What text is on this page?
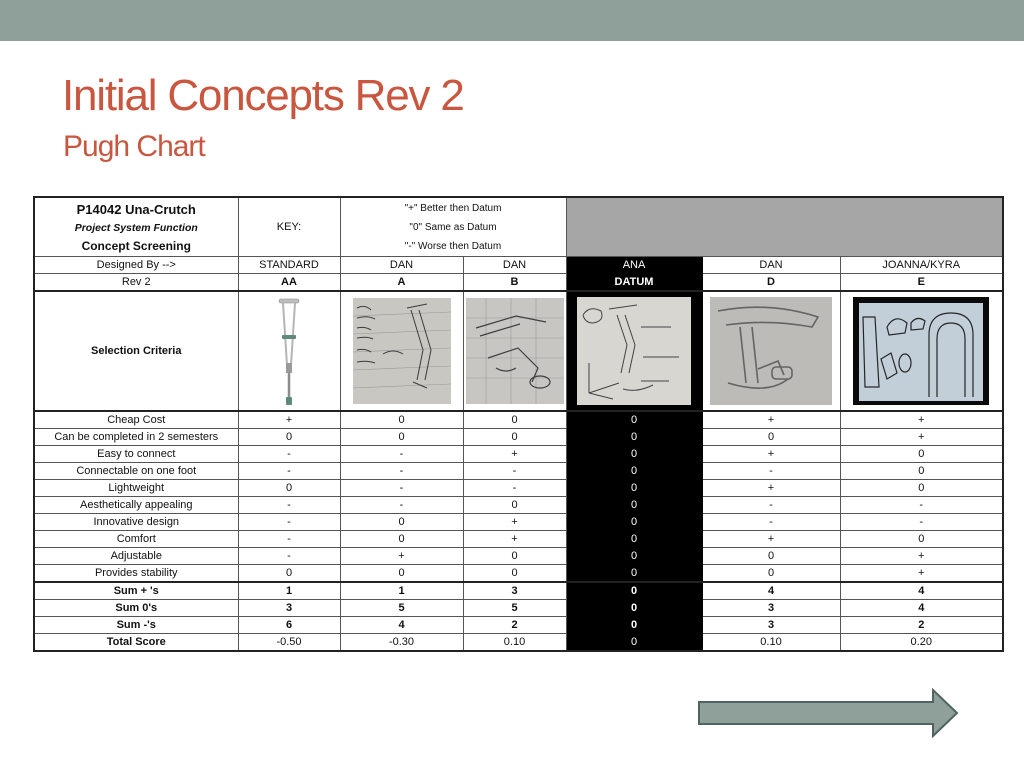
Initial Concepts Rev 2
Pugh Chart
P14042 Una-Crutch
Project System Function
Concept Screening	KEY:	"+" Better then Datum
"0" Same as Datum
"-" Worse then Datum				

Designed By -->	STANDARD	DAN	DAN	ANA	DAN	JOANNA/KYRA
Rev 2	AA	A	B	DATUM	D	E
Selection Criteria	

Cheap Cost	+	0	0	0	+	+
Can be completed in 2 semesters	0	0	0	0	0	+
Easy to connect	-	-	+	0	+	0
Connectable on one foot	-	-	-	0	-	0
Lightweight	0	-	-	0	+	0
Aesthetically appealing	-	-	0	0	-	-
Innovative design	-	0	+	0	-	-
Comfort	-	0	+	0	+	0
Adjustable	-	+	0	0	0	+
Provides stability	0	0	0	0	0	+
Sum + 's	1	1	3	0	4	4
Sum 0's	3	5	5	0	3	4
Sum -'s	6	4	2	0	3	2
Total Score	-0.50	-0.30	0.10	0	0.10	0.20
